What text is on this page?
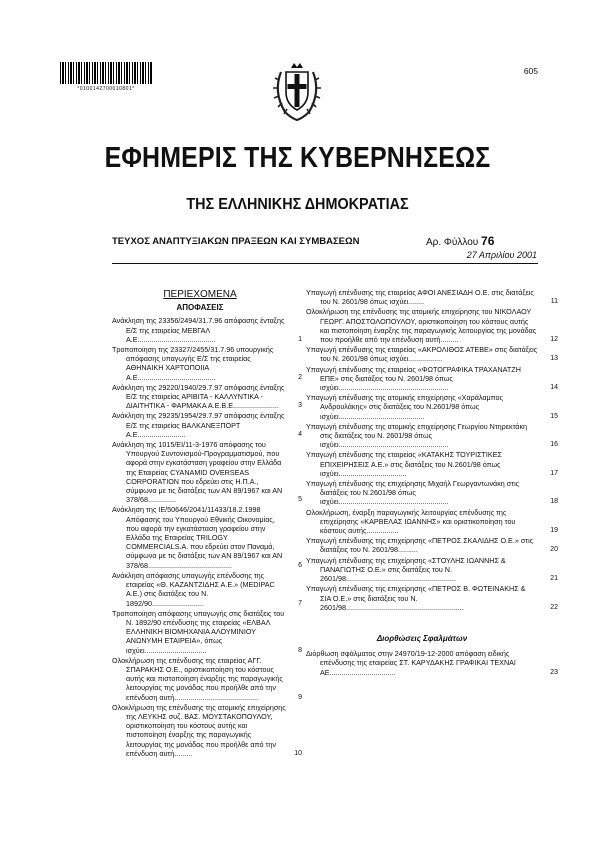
*0100142700010801*
605
ΕΦΗΜΕΡΙΣ ΤΗΣ ΚΥΒΕΡΝΗΣΕΩΣ
ΤΗΣ ΕΛΛΗΝΙΚΗΣ ΔΗΜΟΚΡΑΤΙΑΣ
ΤΕΥΧΟΣ ΑΝΑΠΤΥΞΙΑΚΩΝ ΠΡΑΞΕΩΝ ΚΑΙ ΣΥΜΒΑΣΕΩΝ	Αρ. Φύλλου 76
27 Απριλίου 2001
ΠΕΡΙΕΧΟΜΕΝΑ
ΑΠΟΦΑΣΕΙΣ
Ανάκληση της 23356/2494/31.7.96 απόφασης ένταξης Ε/Σ της εταιρείας ΜΕΒΓΑΛ Α.Ε.......................................	1
Τροποποίηση της 23327/2455/31.7.96 υπουργικής απόφασης υπαγωγής Ε/Σ της εταιρείας ΑΘΗΝΑΙΚΗ ΧΑΡΤΟΠΟΙΙΑ Α.Ε.......................................	2
Ανάκληση της 29220/1940/29.7.97 απόφασης ένταξης Ε/Σ της εταιρείας ΑΡΙΒΙΤΑ - ΚΑΛΛΥΝΤΙΚΑ - ΔΙΑΙΤΗΤΙΚΑ - ΦΑΡΜΑΚΑ Α.Ε.Β.Ε.......................	3
Ανάκληση της 29235/1954/29.7.97 απόφασης ένταξης Ε/Σ της εταιρείας ΒΑΛΚΑΝΕΞΠΟΡΤ Α.Ε........................	4
Ανάκληση της 1015/ΕΙ/11-3-1976 απόφασης του Υπουργού Συντονισμού-Προγραμματισμού, που αφορά στην εγκατάσταση γραφείου στην Ελλάδα της Εταιρείας CYANAMID OVERSEAS CORPORATION που εδρεύει στις Η.Π.Α., σύμφωνα με τις διατάξεις των ΑΝ 89/1967 και ΑΝ 378/68..............	5
Ανάκληση της ΙΕ/50646/2041/11433/18.2.1998 Απόφασης του Υπουργού Εθνικής Οικονομίας, που αφορά την εγκατάσταση γραφείου στην Ελλάδα της Εταιρείας TRILOGY COMMERCIALS.A. που εδρεύει στον Παναμά, σύμφωνα με τις διατάξεις των ΑΝ 89/1967 και ΑΝ 378/68..........................................	6
Ανάκληση απόφασης υπαγωγής επένδυσης της εταιρείας «Θ. ΚΑΖΑΝΤΖΙΔΗΣ Α.Ε.» (MEDIPAC A.E.) στις διατάξεις του Ν. 1892/90..........................	7
Τροποποίηση απόφασης υπαγωγής στις διατάξεις του Ν. 1892/90 επένδυσης της εταιρείας «ΕΛΒΑΛ ΕΛΛΗΝΙΚΗ ΒΙΟΜΗΧΑΝΙΑ ΑΛΟΥΜΙΝΙΟΥ ΑΝΩΝΥΜΗ ΕΤΑΙΡΕΙΑ», όπως ισχύει...............................	8
Ολοκλήρωση της επένδυσης της εταιρείας ΑΓΓ. ΣΠΑΡΑΚΗΣ Ο.Ε., οριστικοποίηση του κόστους αυτής και πιστοποίηση έναρξης της παραγωγικής λειτουργίας της μονάδας που προήλθε από την επένδυση αυτή..........................................	9
Ολοκλήρωση της επένδυσης της ατομικής επιχείρησης της ΛΕΥΚΗΣ συζ. ΒΑΣ. ΜΟΥΣΤΑΚΟΠΟΥΛΟΥ, οριστικοποίηση του κόστους αυτής και πιστοποίηση έναρξης της παραγωγικής λειτουργίας της μονάδας που προήλθε από την επένδυση αυτή.........	10
Υπαγωγή επένδυσης της εταιρείας ΑΦΟΙ ΑΝΕΣΙΑΔΗ Ο.Ε. στις διατάξεις του Ν. 2601/98 όπως ισχύει........	11
Ολοκλήρωση της επένδυσης της ατομικής επιχείρησης του ΝΙΚΟΛΑΟΥ ΓΕΩΡΓ. ΑΠΟΣΤΟΛΟΠΟΥΛΟΥ, οριστικοποίηση του κόστους αυτής και πιστοποίηση έναρξης της παραγωγικής λειτουργίας της μονάδας που προήλθε από την επένδυση αυτή.........	12
Υπαγωγή επένδυσης της εταιρείας «ΑΚΡΟΛΙΘΟΣ ΑΤΕΒΕ» στις διατάξεις του Ν. 2601/98 όπως ισχύει.................	13
Υπαγωγή επένδυσης της εταιρείας «ΦΩΤΟΓΡΑΦΙΚΑ ΤΡΑΧΑΝΑΤΖΗ ΕΠΕ» στις διατάξεις του Ν. 2601/98 όπως ισχύει.......................................................	14
Υπαγωγή επένδυσης της ατομικής επιχείρησης «Χαράλαμπος Ανδρουλάκης» στις διατάξεις του Ν.2601/98 όπως ισχύει...........................................	15
Υπαγωγή επένδυσης της ατομικής επιχείρησης Γεωργίου Ντηρεκτάκη στις διατάξεις του Ν. 2601/98 όπως ισχύει.......................................................	16
Υπαγωγή επένδυσης της εταιρείας «ΚΑΤΑΚΗΣ ΤΟΥΡΙΣΤΙΚΕΣ ΕΠΙΧΕΙΡΗΣΕΙΣ Α.Ε.» στις διατάξεις του Ν.2601/98 όπως ισχύει..................................	17
Υπαγωγή επένδυσης της επιχείρησης Μιχαήλ Γεωργαντωνάκη στις διατάξεις του Ν.2601/98 όπως ισχύει.......................................................	18
Ολοκλήρωση, έναρξη παραγωγικής λειτουργίας επένδυσης της επιχείρησης «ΚΑΡΒΕΛΑΣ ΙΩΑΝΝΗΣ» και οριστικοποίηση του κόστους αυτής................	19
Υπαγωγή επένδυσης της επιχείρησης «ΠΕΤΡΟΣ ΣΚΑΛΙΔΗΣ Ο.Ε.» στις διατάξεις του Ν. 2601/98..........	20
Υπαγωγή επένδυσης της επιχείρησης «ΣΤΟΥΛΗΣ ΙΩΑΝΝΗΣ & ΠΑΝΑΓΙΩΤΗΣ Ο.Ε.» στις διατάξεις του Ν. 2601/98.......................................................	21
Υπαγωγή επένδυσης της επιχείρησης «ΠΕΤΡΟΣ Β. ΦΩΤΕΙΝΑΚΗΣ & ΣΙΑ Ο.Ε.» στις διατάξεις του Ν. 2601/98...........................................................	22
Διορθώσεις Σφαλμάτων
Διόρθωση σφάλματος στην 24970/19-12-2000 απόφαση ειδικής επένδυσης της εταιρείας ΣΤ. ΚΑΡΥΔΑΚΗΣ ΓΡΑΦΙΚΑΙ ΤΕΧΝΑΙ ΑΕ.................................	23
